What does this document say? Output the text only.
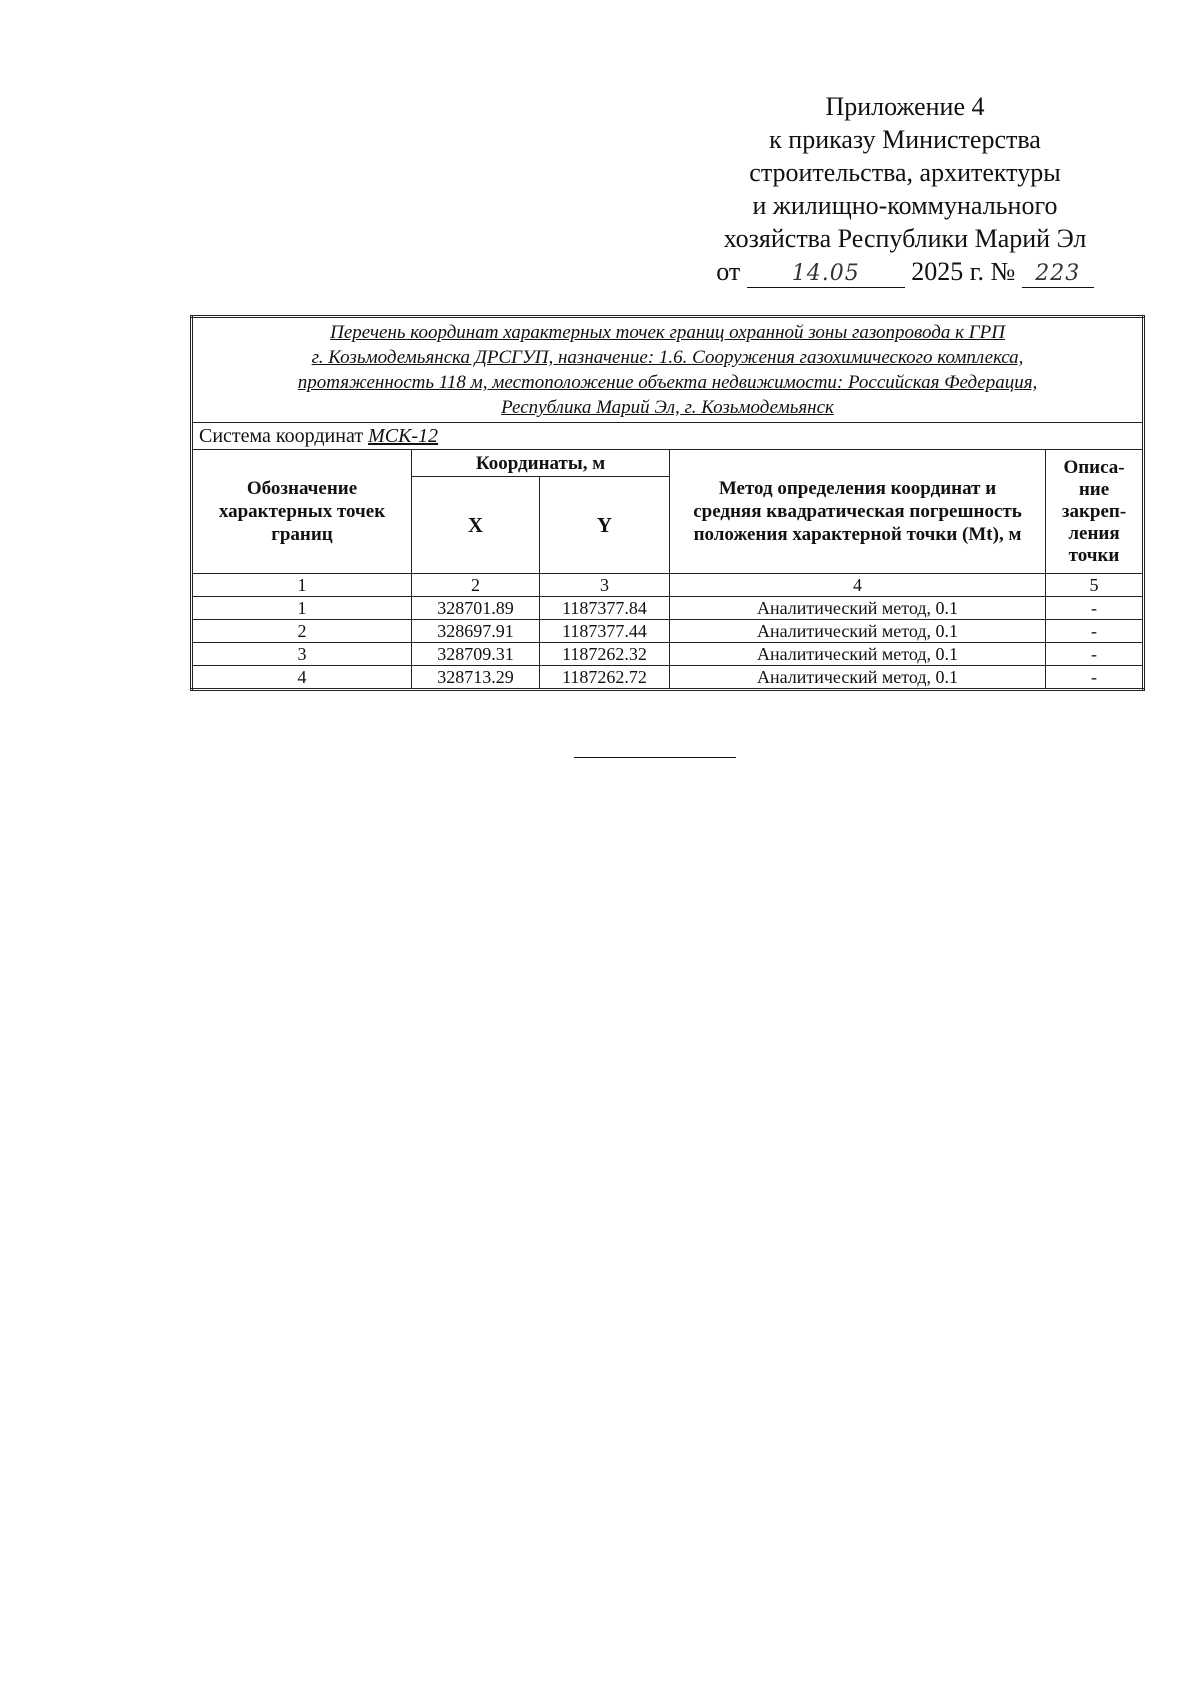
Приложение 4
к приказу Министерства
строительства, архитектуры
и жилищно-коммунального
хозяйства Республики Марий Эл
от 14.05 2025 г. № 223
Перечень координат характерных точек границ охранной зоны газопровода к ГРП
г. Козьмодемьянска ДРСГУП, назначение: 1.6. Сооружения газохимического комплекса,
протяженность 118 м, местоположение объекта недвижимости: Российская Федерация,
Республика Марий Эл, г. Козьмодемьянск				

Система координат МСК-12				
Обозначение характерных точек границ	Координаты, м		Метод определения координат и средняя квадратическая погрешность положения характерной точки (Mt), м	Описа-
ние
закреп-
ления
точки

	X	Y		
1	2	3	4	5
1	328701.89	1187377.84	Аналитический метод, 0.1	-
2	328697.91	1187377.44	Аналитический метод, 0.1	-
3	328709.31	1187262.32	Аналитический метод, 0.1	-
4	328713.29	1187262.72	Аналитический метод, 0.1	-
